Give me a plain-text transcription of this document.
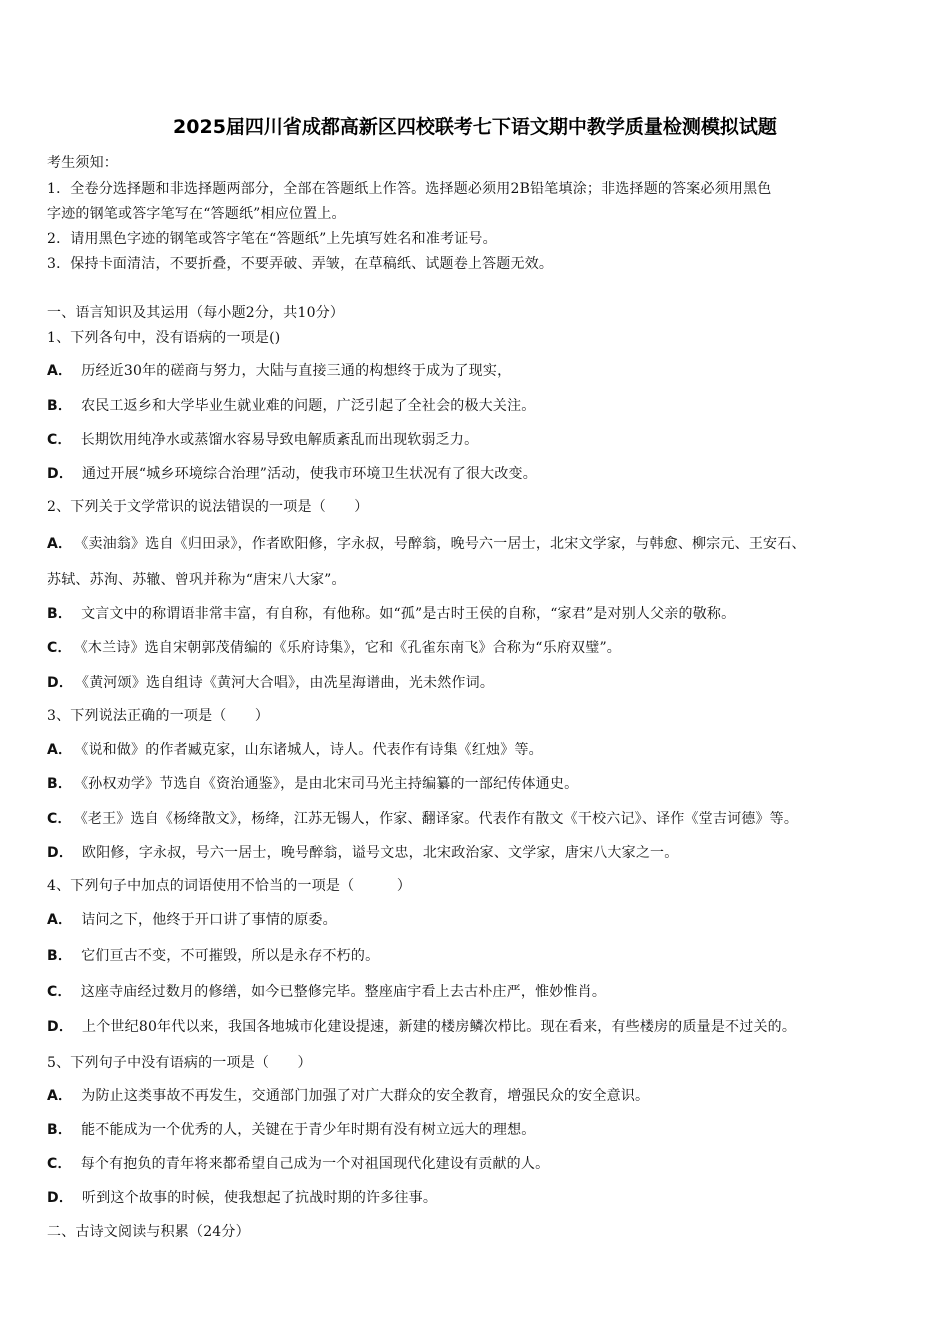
2025届四川省成都高新区四校联考七下语文期中教学质量检测模拟试题
考生须知：
1．全卷分选择题和非选择题两部分，全部在答题纸上作答。选择题必须用2B铅笔填涂；非选择题的答案必须用黑色
字迹的钢笔或答字笔写在“答题纸”相应位置上。
2．请用黑色字迹的钢笔或答字笔在“答题纸”上先填写姓名和准考证号。
3．保持卡面清洁，不要折叠，不要弄破、弄皱，在草稿纸、试题卷上答题无效。
一、语言知识及其运用（每小题2分，共10分）
1、下列各句中，没有语病的一项是()
A． 历经近30年的磋商与努力，大陆与直接三通的构想终于成为了现实，
B． 农民工返乡和大学毕业生就业难的问题，广泛引起了全社会的极大关注。
C． 长期饮用纯净水或蒸馏水容易导致电解质紊乱而出现软弱乏力。
D． 通过开展“城乡环境综合治理”活动，使我市环境卫生状况有了很大改变。
2、下列关于文学常识的说法错误的一项是（　　）
A． 《卖油翁》选自《归田录》，作者欧阳修，字永叔，号醉翁，晚号六一居士，北宋文学家，与韩愈、柳宗元、王安石、
苏轼、苏洵、苏辙、曾巩并称为“唐宋八大家”。
B． 文言文中的称谓语非常丰富，有自称，有他称。如“孤”是古时王侯的自称，“家君”是对别人父亲的敬称。
C． 《木兰诗》选自宋朝郭茂倩编的《乐府诗集》，它和《孔雀东南飞》合称为“乐府双璧”。
D． 《黄河颂》选自组诗《黄河大合唱》，由冼星海谱曲，光未然作词。
3、下列说法正确的一项是（　　）
A． 《说和做》的作者臧克家，山东诸城人，诗人。代表作有诗集《红烛》等。
B． 《孙权劝学》节选自《资治通鉴》，是由北宋司马光主持编纂的一部纪传体通史。
C． 《老王》选自《杨绛散文》，杨绛，江苏无锡人，作家、翻译家。代表作有散文《干校六记》、译作《堂吉诃德》等。
D． 欧阳修，字永叔，号六一居士，晚号醉翁，谥号文忠，北宋政治家、文学家，唐宋八大家之一。
4、下列句子中加点的词语使用不恰当的一项是（　　　）
A． 诘问之下，他终于开口讲了事情的原委。
B． 它们亘古不变，不可摧毁，所以是永存不朽的。
C． 这座寺庙经过数月的修缮，如今已整修完毕。整座庙宇看上去古朴庄严，惟妙惟肖。
D． 上个世纪80年代以来，我国各地城市化建设提速，新建的楼房鳞次栉比。现在看来，有些楼房的质量是不过关的。
5、下列句子中没有语病的一项是（　　）
A． 为防止这类事故不再发生，交通部门加强了对广大群众的安全教育，增强民众的安全意识。
B． 能不能成为一个优秀的人，关键在于青少年时期有没有树立远大的理想。
C． 每个有抱负的青年将来都希望自己成为一个对祖国现代化建设有贡献的人。
D． 听到这个故事的时候，使我想起了抗战时期的许多往事。
二、古诗文阅读与积累（24分）
